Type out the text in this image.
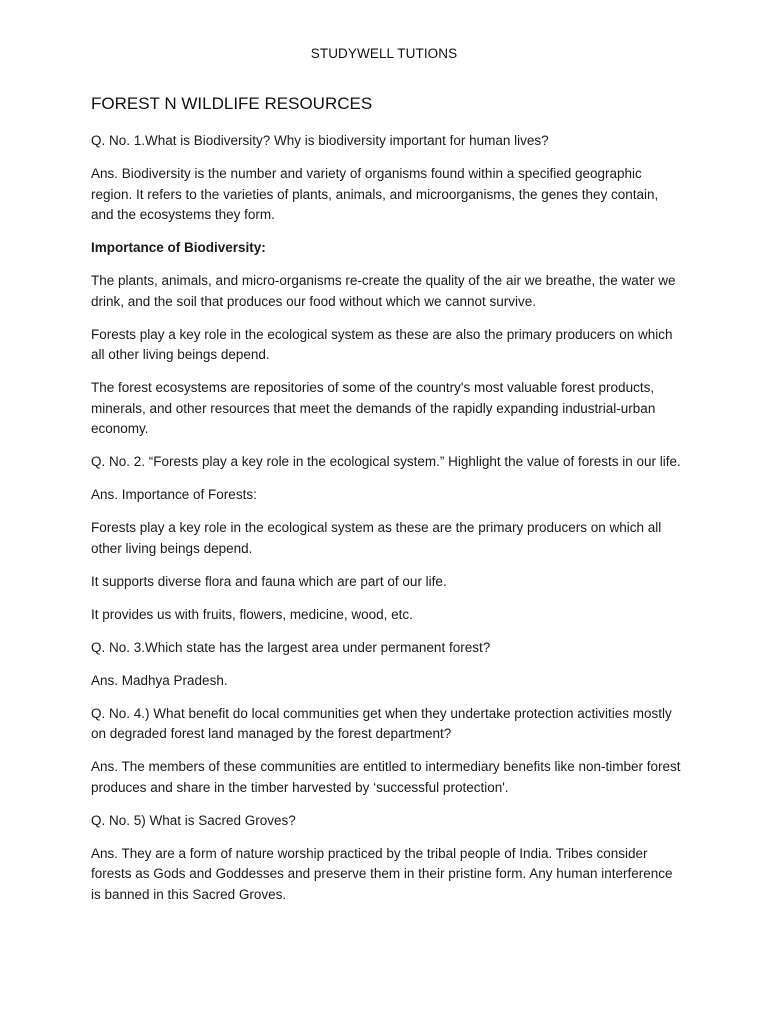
STUDYWELL TUTIONS
FOREST N WILDLIFE RESOURCES

Q. No. 1.What is Biodiversity? Why is biodiversity important for human lives?

Ans. Biodiversity is the number and variety of organisms found within a specified geographic region. It refers to the varieties of plants, animals, and microorganisms, the genes they contain, and the ecosystems they form.

Importance of Biodiversity:

The plants, animals, and micro-organisms re-create the quality of the air we breathe, the water we drink, and the soil that produces our food without which we cannot survive.

Forests play a key role in the ecological system as these are also the primary producers on which all other living beings depend.

The forest ecosystems are repositories of some of the country's most valuable forest products, minerals, and other resources that meet the demands of the rapidly expanding industrial-urban economy.

Q. No. 2. “Forests play a key role in the ecological system.” Highlight the value of forests in our life.

Ans. Importance of Forests:

Forests play a key role in the ecological system as these are the primary producers on which all other living beings depend.

It supports diverse flora and fauna which are part of our life.

It provides us with fruits, flowers, medicine, wood, etc.

Q. No. 3.Which state has the largest area under permanent forest?

Ans. Madhya Pradesh.

Q. No. 4.) What benefit do local communities get when they undertake protection activities mostly on degraded forest land managed by the forest department?

Ans. The members of these communities are entitled to intermediary benefits like non-timber forest produces and share in the timber harvested by ‘successful protection'.

Q. No. 5) What is Sacred Groves?

Ans. They are a form of nature worship practiced by the tribal people of India. Tribes consider forests as Gods and Goddesses and preserve them in their pristine form. Any human interference is banned in this Sacred Groves.
